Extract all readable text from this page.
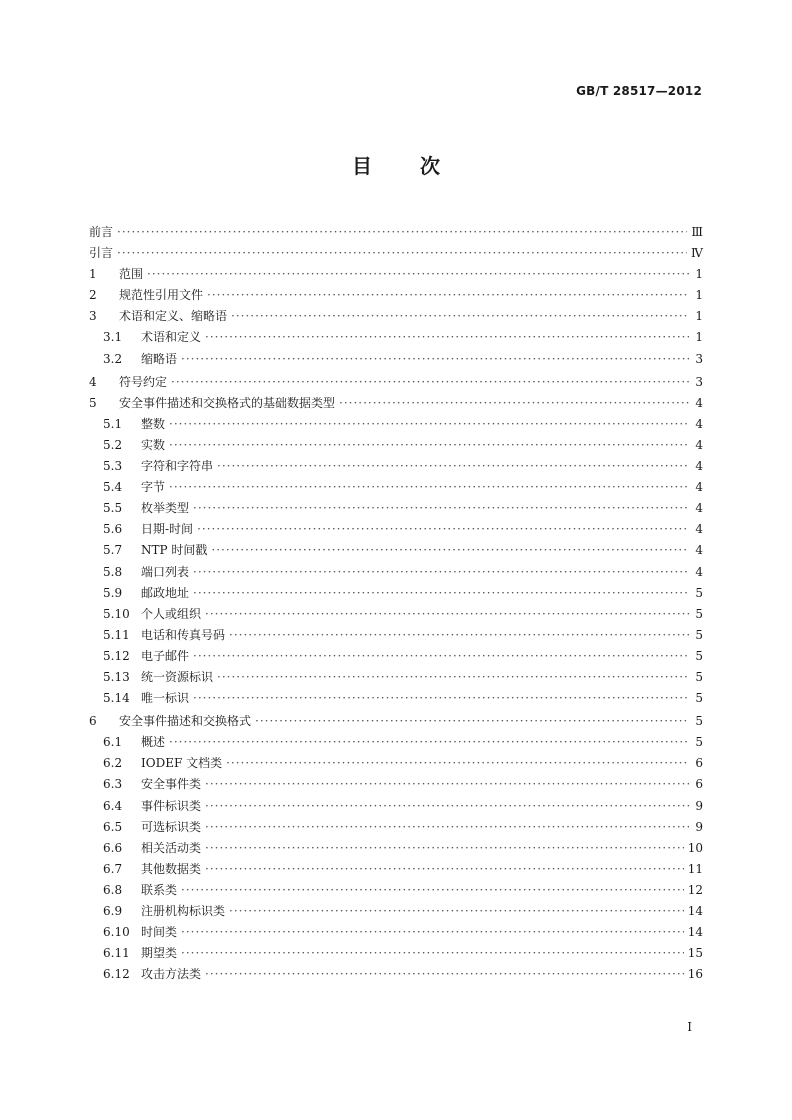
GB/T 28517—2012
目 次
前言 ·····	Ⅲ
引言 ·····	Ⅳ
1	范围 ·····	1
2	规范性引用文件 ·····	1
3	术语和定义、缩略语 ·····	1
3.1	术语和定义 ·····	1
3.2	缩略语 ·····	3
4	符号约定 ·····	3
5	安全事件描述和交换格式的基础数据类型 ·····	4
5.1	整数 ·····	4
5.2	实数 ·····	4
5.3	字符和字符串 ·····	4
5.4	字节 ·····	4
5.5	枚举类型 ·····	4
5.6	日期-时间 ·····	4
5.7	NTP 时间戳 ·····	4
5.8	端口列表 ·····	4
5.9	邮政地址 ·····	5
5.10 个人或组织 ·····	5
5.11 电话和传真号码 ·····	5
5.12 电子邮件 ·····	5
5.13 统一资源标识 ·····	5
5.14 唯一标识 ·····	5
6	安全事件描述和交换格式 ·····	5
6.1	概述 ·····	5
6.2	IODEF 文档类 ·····	6
6.3	安全事件类 ·····	6
6.4	事件标识类 ·····	9
6.5	可选标识类 ·····	9
6.6	相关活动类 ·····	10
6.7	其他数据类 ·····	11
6.8	联系类 ·····	12
6.9	注册机构标识类 ·····	14
6.10 时间类 ·····	14
6.11 期望类 ·····	15
6.12 攻击方法类 ·····	16
I
